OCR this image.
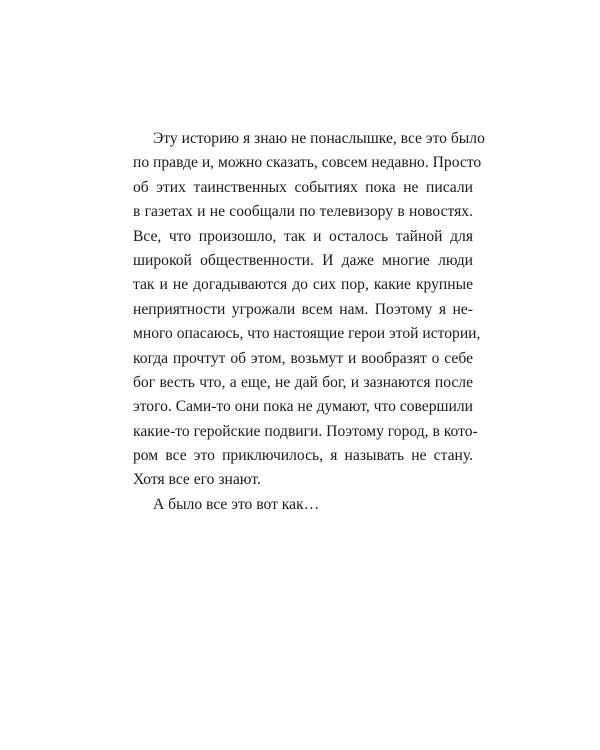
Эту историю я знаю не понаслышке, все это было
по правде и, можно сказать, совсем недавно. Просто
об этих таинственных событиях пока не писали
в газетах и не сообщали по телевизору в новостях.
Все, что произошло, так и осталось тайной для
широкой общественности. И даже многие люди
так и не догадываются до сих пор, какие крупные
неприятности угрожали всем нам. Поэтому я не-
много опасаюсь, что настоящие герои этой истории,
когда прочтут об этом, возьмут и вообразят о себе
бог весть что, а еще, не дай бог, и зазнаются после
этого. Сами-то они пока не думают, что совершили
какие-то геройские подвиги. Поэтому город, в кото-
ром все это приключилось, я называть не стану.
Хотя все его знают.
А было все это вот как…
